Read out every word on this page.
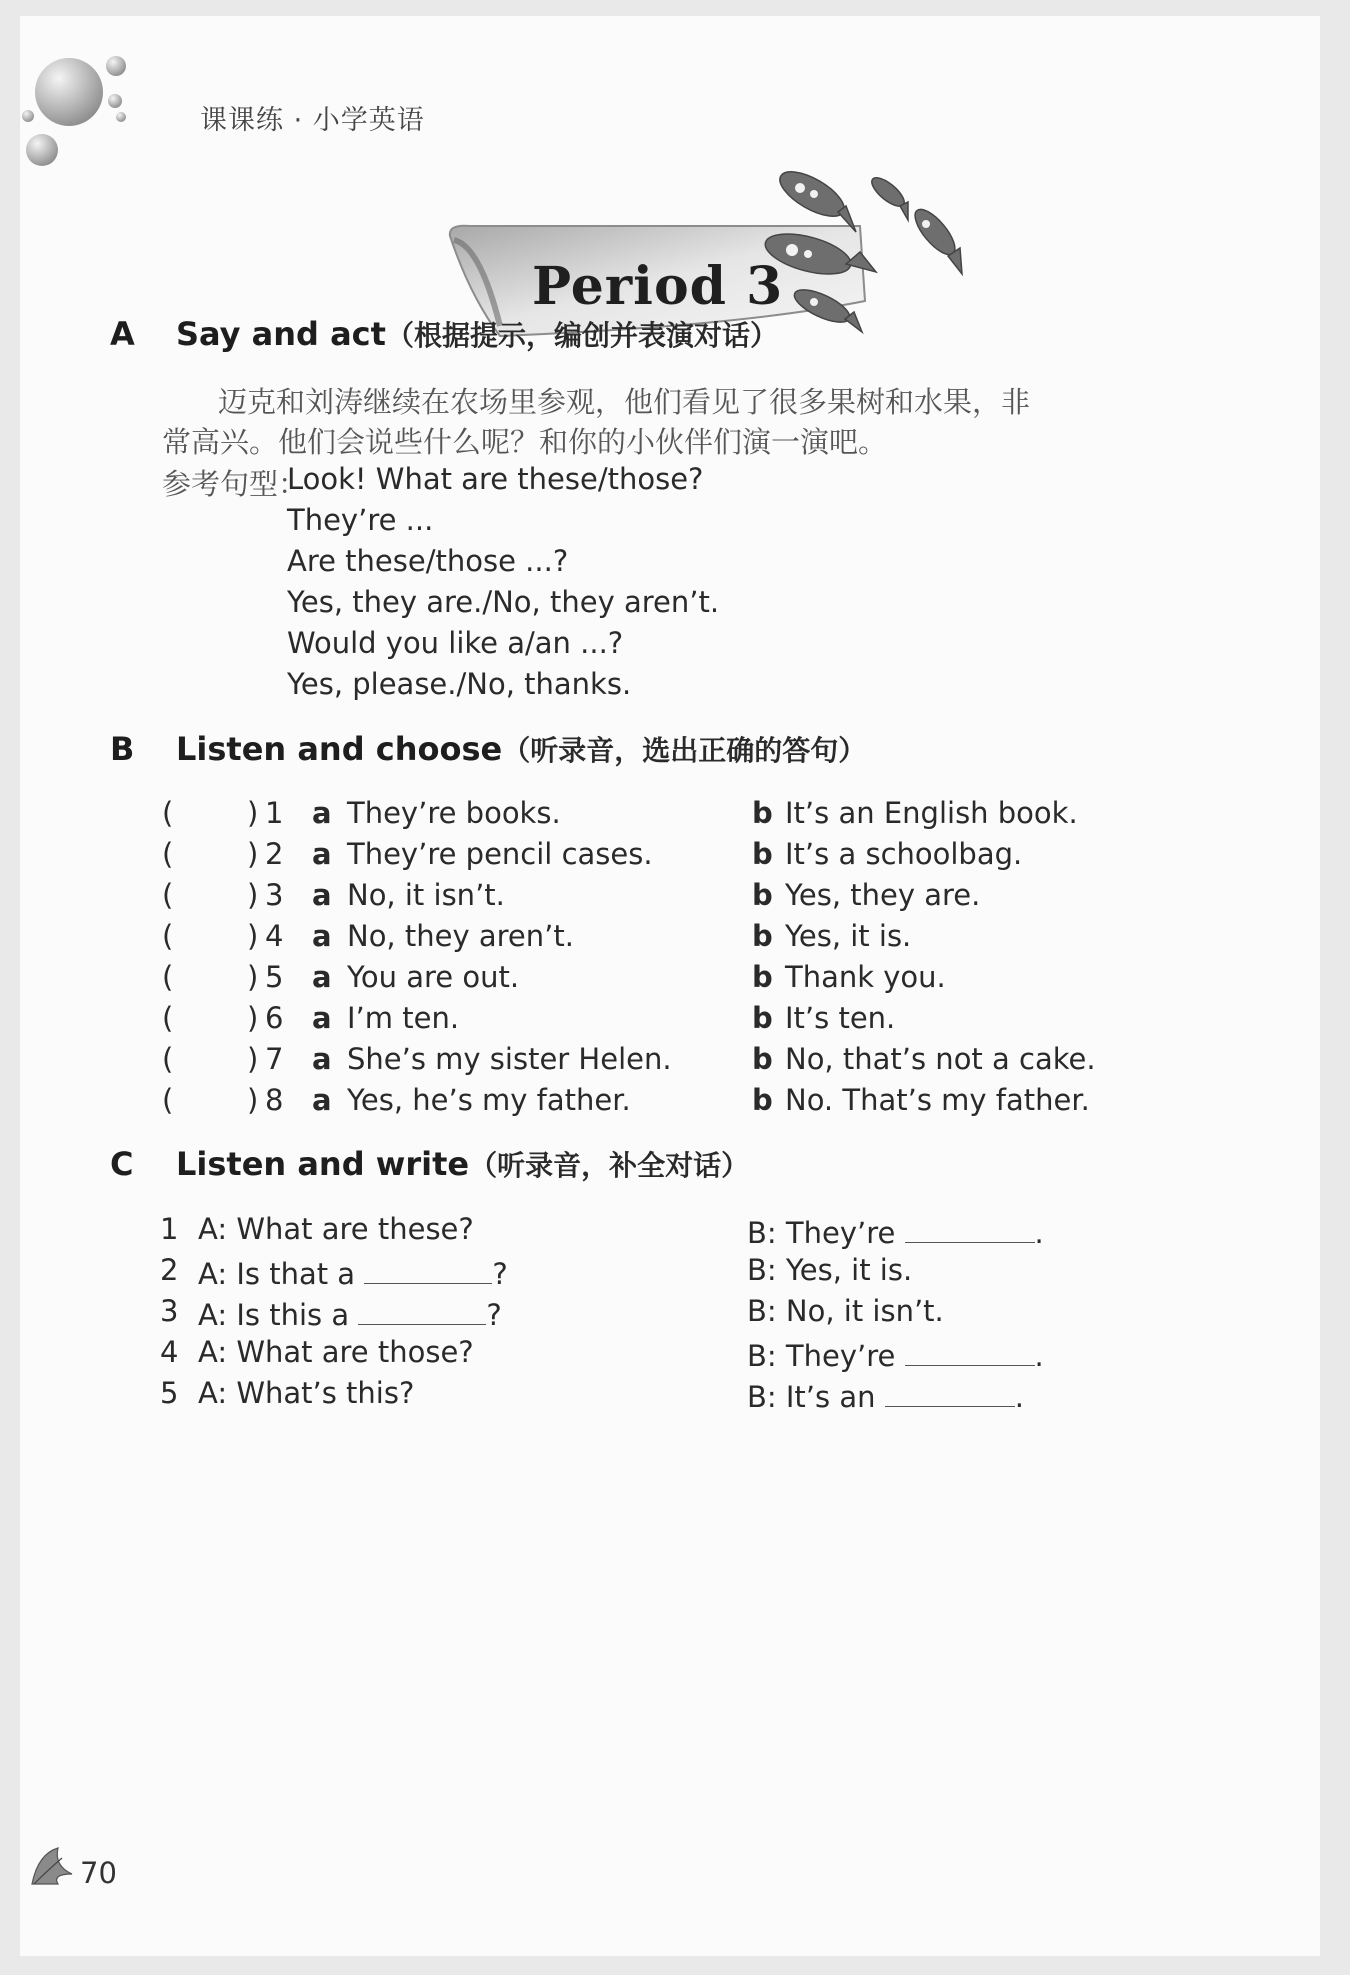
课课练 · 小学英语
Period 3
A Say and act（根据提示，编创并表演对话）
迈克和刘涛继续在农场里参观，他们看见了很多果树和水果，非
常高兴。他们会说些什么呢？和你的小伙伴们演一演吧。
参考句型：
Look! What are these/those?
They’re ...
Are these/those ...?
Yes, they are./No, they aren’t.
Would you like a/an ...?
Yes, please./No, thanks.
B Listen and choose（听录音，选出正确的答句）
(	) 1 a They’re books.	b It’s an English book.
(	) 2 a They’re pencil cases.	b It’s a schoolbag.
(	) 3 a No, it isn’t.	b Yes, they are.
(	) 4 a No, they aren’t.	b Yes, it is.
(	) 5 a You are out.	b Thank you.
(	) 6 a I’m ten.	b It’s ten.
(	) 7 a She’s my sister Helen.	b No, that’s not a cake.
(	) 8 a Yes, he’s my father.	b No. That’s my father.
C Listen and write（听录音，补全对话）
1 A: What are these?	B: They’re	.
2 A: Is that a	?	B: Yes, it is.
3 A: Is this a	?	B: No, it isn’t.
4 A: What are those?	B: They’re	.
5 A: What’s this?	B: It’s an	.
70
